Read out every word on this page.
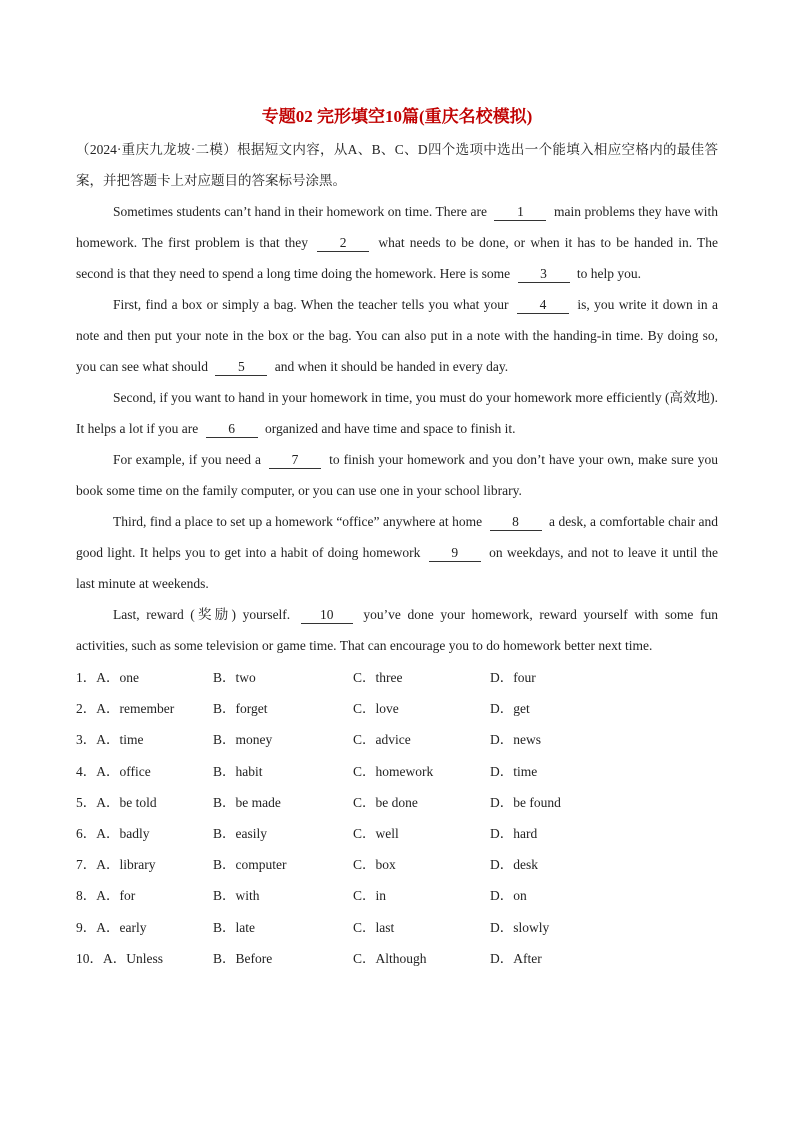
专题02 完形填空10篇(重庆名校模拟)

（2024·重庆九龙坡·二模）根据短文内容，从A、B、C、D四个选项中选出一个能填入相应空格内的最佳答案，并把答题卡上对应题目的答案标号涂黑。

Sometimes students can’t hand in their homework on time. There are 1 main problems they have with homework. The first problem is that they 2 what needs to be done, or when it has to be handed in. The second is that they need to spend a long time doing the homework. Here is some 3 to help you.

First, find a box or simply a bag. When the teacher tells you what your 4 is, you write it down in a note and then put your note in the box or the bag. You can also put in a note with the handing-in time. By doing so, you can see what should 5 and when it should be handed in every day.

Second, if you want to hand in your homework in time, you must do your homework more efficiently (高效地). It helps a lot if you are 6 organized and have time and space to finish it.

For example, if you need a 7 to finish your homework and you don’t have your own, make sure you book some time on the family computer, or you can use one in your school library.

Third, find a place to set up a homework “office” anywhere at home 8 a desk, a comfortable chair and good light. It helps you to get into a habit of doing homework 9 on weekdays, and not to leave it until the last minute at weekends.

Last, reward (奖励) yourself. 10 you’ve done your homework, reward yourself with some fun activities, such as some television or game time. That can encourage you to do homework better next time.

1．A．one	B．two	C．three	D．four
2．A．remember	B．forget	C．love	D．get
3．A．time	B．money	C．advice	D．news
4．A．office	B．habit	C．homework	D．time
5．A．be told	B．be made	C．be done	D．be found
6．A．badly	B．easily	C．well	D．hard
7．A．library	B．computer	C．box	D．desk
8．A．for	B．with	C．in	D．on
9．A．early	B．late	C．last	D．slowly
10．A．Unless	B．Before	C．Although	D．After
